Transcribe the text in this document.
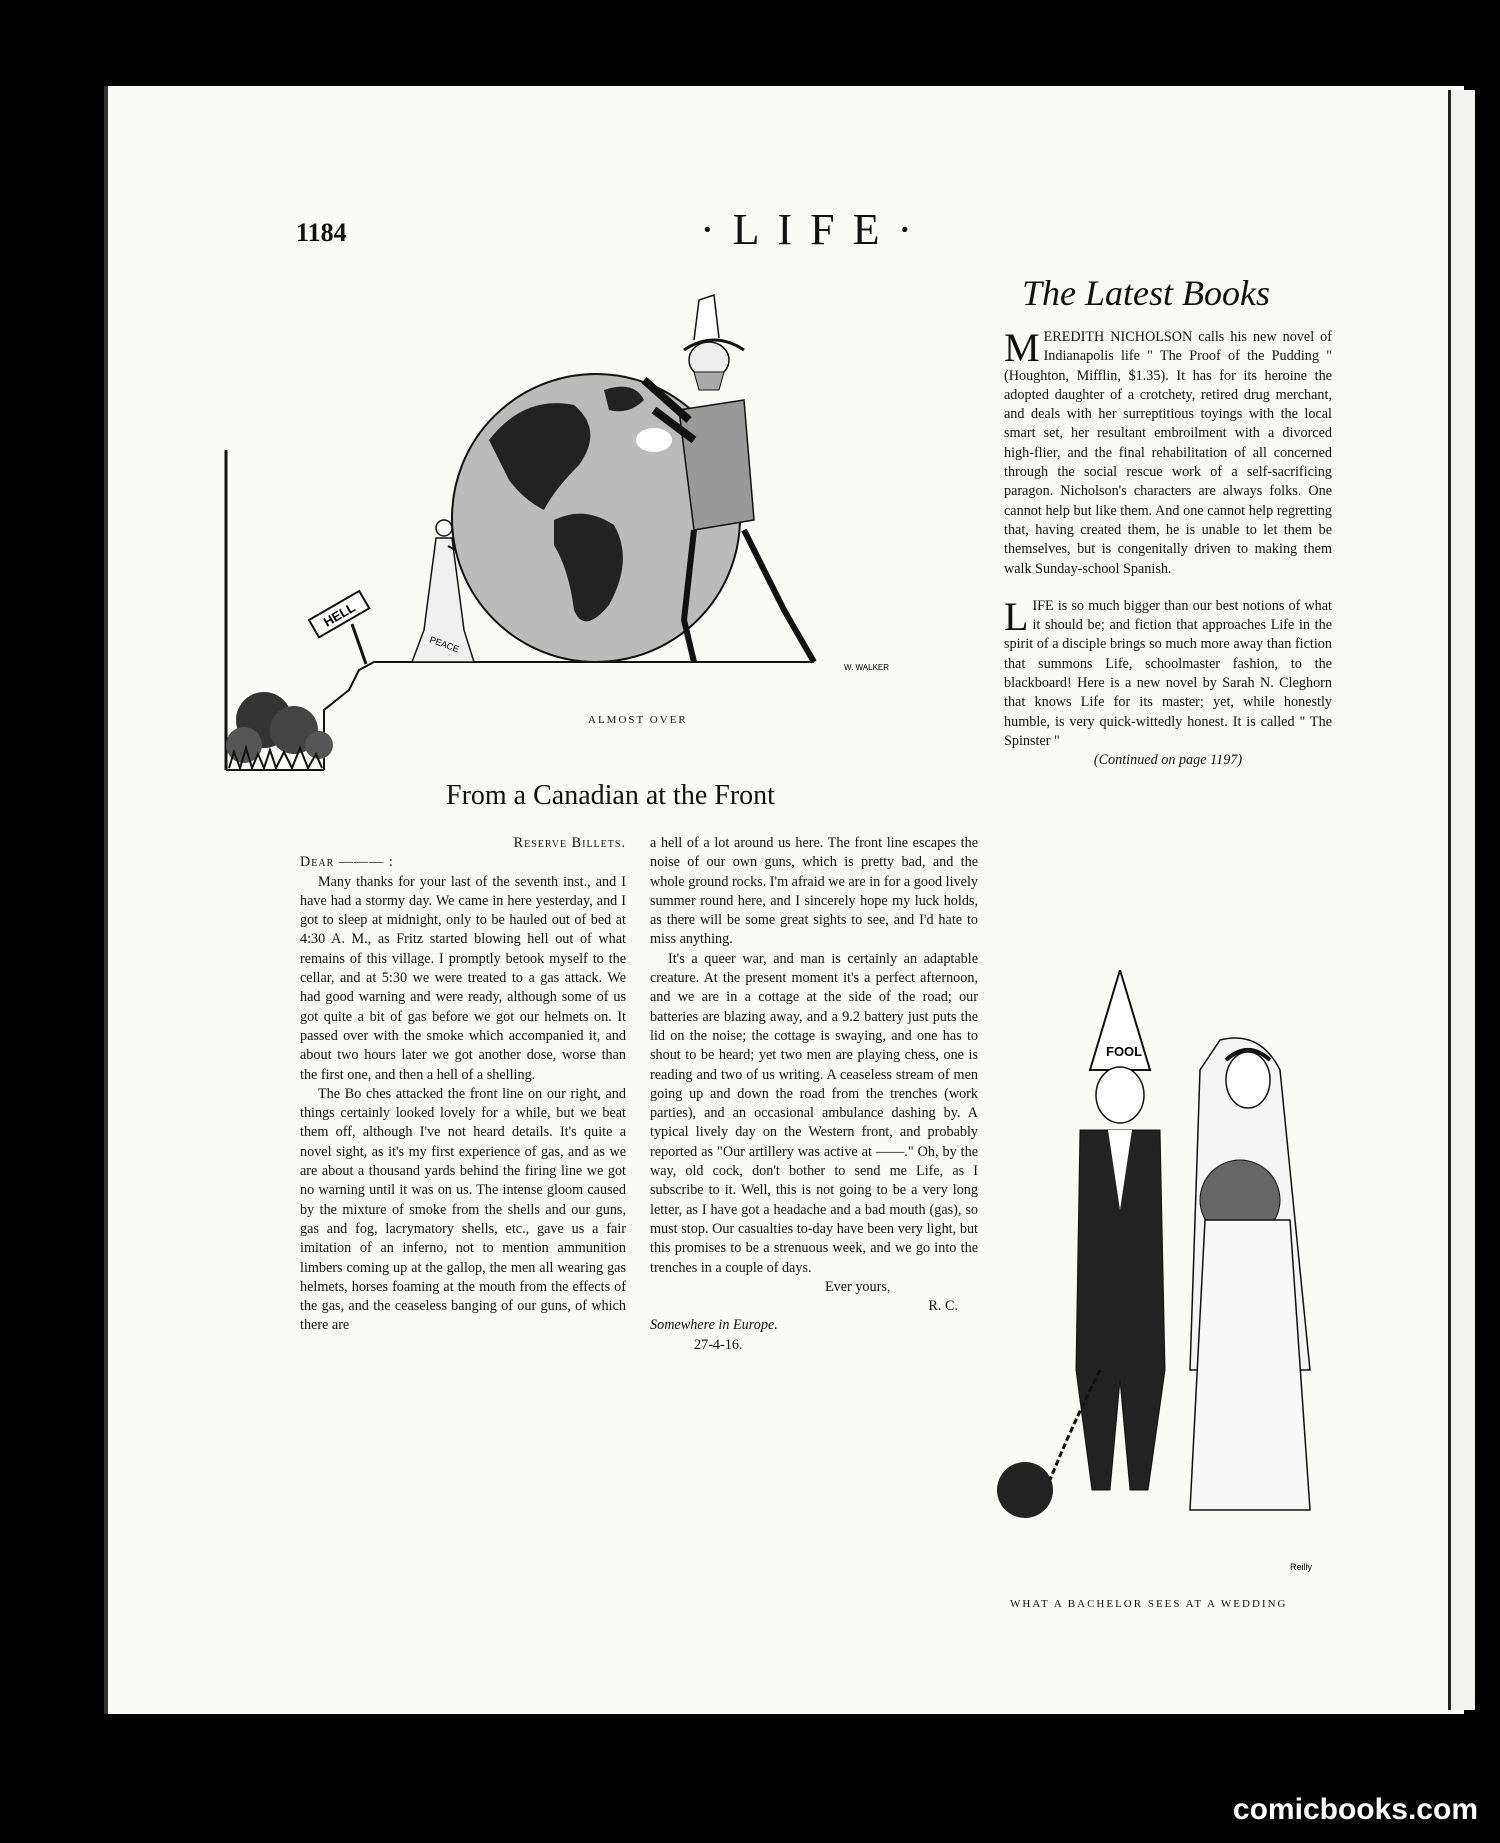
1184	·LIFE·
HELL
PEACE
W. WALKER
ALMOST OVER
From a Canadian at the Front

Reserve Billets.

Dear ——— :

Many thanks for your last of the seventh inst., and I have had a stormy day. We came in here yesterday, and I got to sleep at midnight, only to be hauled out of bed at 4:30 A. M., as Fritz started blowing hell out of what remains of this village. I promptly betook myself to the cellar, and at 5:30 we were treated to a gas attack. We had good warning and were ready, although some of us got quite a bit of gas before we got our helmets on. It passed over with the smoke which accompanied it, and about two hours later we got another dose, worse than the first one, and then a hell of a shelling.

The Bo ches attacked the front line on our right, and things certainly looked lovely for a while, but we beat them off, although I've not heard details. It's quite a novel sight, as it's my first experience of gas, and as we are about a thousand yards behind the firing line we got no warning until it was on us. The intense gloom caused by the mixture of smoke from the shells and our guns, gas and fog, lacrymatory shells, etc., gave us a fair imitation of an inferno, not to mention ammunition limbers coming up at the gallop, the men all wearing gas helmets, horses foaming at the mouth from the effects of the gas, and the ceaseless banging of our guns, of which there are

a hell of a lot around us here. The front line escapes the noise of our own guns, which is pretty bad, and the whole ground rocks. I'm afraid we are in for a good lively summer round here, and I sincerely hope my luck holds, as there will be some great sights to see, and I'd hate to miss anything.

It's a queer war, and man is certainly an adaptable creature. At the present moment it's a perfect afternoon, and we are in a cottage at the side of the road; our batteries are blazing away, and a 9.2 battery just puts the lid on the noise; the cottage is swaying, and one has to shout to be heard; yet two men are playing chess, one is reading and two of us writing. A ceaseless stream of men going up and down the road from the trenches (work parties), and an occasional ambulance dashing by. A typical lively day on the Western front, and probably reported as "Our artillery was active at ——." Oh, by the way, old cock, don't bother to send me Life, as I subscribe to it. Well, this is not going to be a very long letter, as I have got a headache and a bad mouth (gas), so must stop. Our casualties to-day have been very light, but this promises to be a strenuous week, and we go into the trenches in a couple of days.

Ever yours,

R. C.

Somewhere in Europe.

27-4-16.

The Latest Books

MEREDITH NICHOLSON calls his new novel of Indianapolis life " The Proof of the Pudding " (Houghton, Mifflin, $1.35). It has for its heroine the adopted daughter of a crotchety, retired drug merchant, and deals with her surreptitious toyings with the local smart set, her resultant embroilment with a divorced high-flier, and the final rehabilitation of all concerned through the social rescue work of a self-sacrificing paragon. Nicholson's characters are always folks. One cannot help but like them. And one cannot help regretting that, having created them, he is unable to let them be themselves, but is congenitally driven to making them walk Sunday-school Spanish.

LIFE is so much bigger than our best notions of what it should be; and fiction that approaches Life in the spirit of a disciple brings so much more away than fiction that summons Life, schoolmaster fashion, to the blackboard! Here is a new novel by Sarah N. Cleghorn that knows Life for its master; yet, while honestly humble, is very quick-wittedly honest. It is called " The Spinster "

(Continued on page 1197)

FOOL
Reilly
WHAT A BACHELOR SEES AT A WEDDING
comicbooks.com
